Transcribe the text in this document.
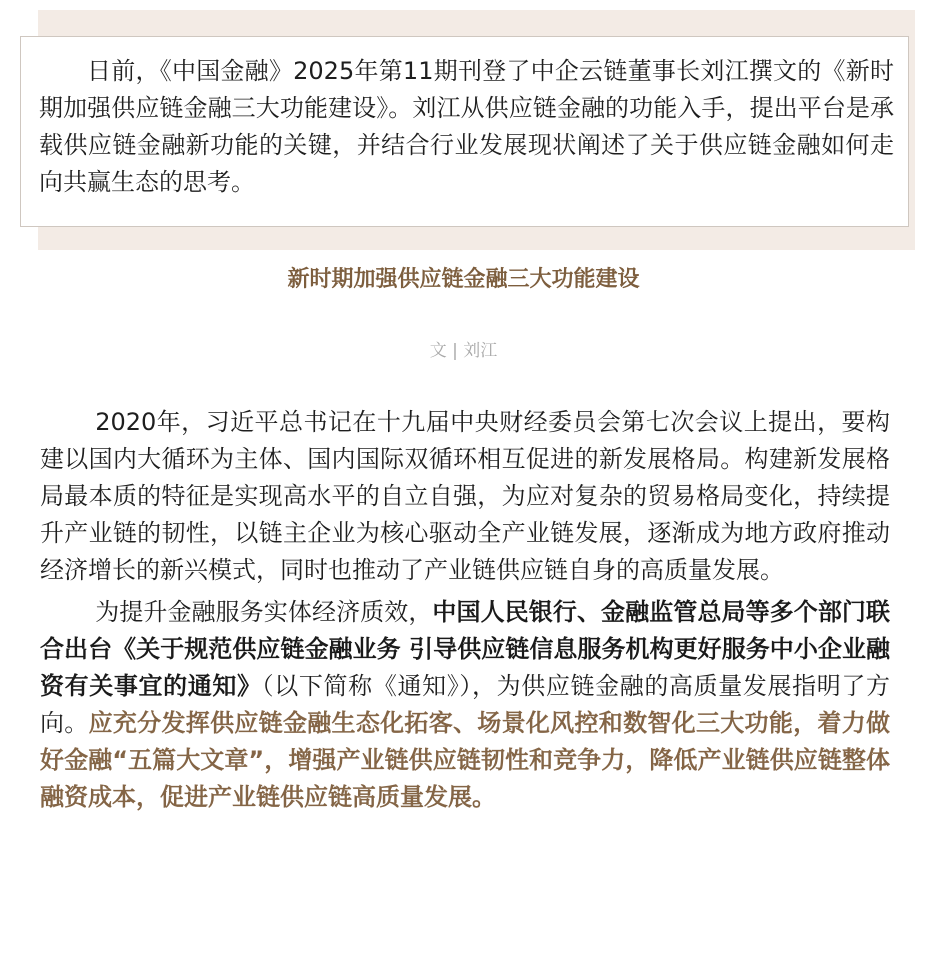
日前，《中国金融》2025年第11期刊登了中企云链董事长刘江撰文的《新时期加强供应链金融三大功能建设》。刘江从供应链金融的功能入手，提出平台是承载供应链金融新功能的关键，并结合行业发展现状阐述了关于供应链金融如何走向共赢生态的思考。

新时期加强供应链金融三大功能建设
文 | 刘江

2020年，习近平总书记在十九届中央财经委员会第七次会议上提出，要构建以国内大循环为主体、国内国际双循环相互促进的新发展格局。构建新发展格局最本质的特征是实现高水平的自立自强，为应对复杂的贸易格局变化，持续提升产业链的韧性，以链主企业为核心驱动全产业链发展，逐渐成为地方政府推动经济增长的新兴模式，同时也推动了产业链供应链自身的高质量发展。

为提升金融服务实体经济质效，中国人民银行、金融监管总局等多个部门联合出台《关于规范供应链金融业务 引导供应链信息服务机构更好服务中小企业融资有关事宜的通知》（以下简称《通知》），为供应链金融的高质量发展指明了方向。应充分发挥供应链金融生态化拓客、场景化风控和数智化三大功能，着力做好金融“五篇大文章”，增强产业链供应链韧性和竞争力，降低产业链供应链整体融资成本，促进产业链供应链高质量发展。
